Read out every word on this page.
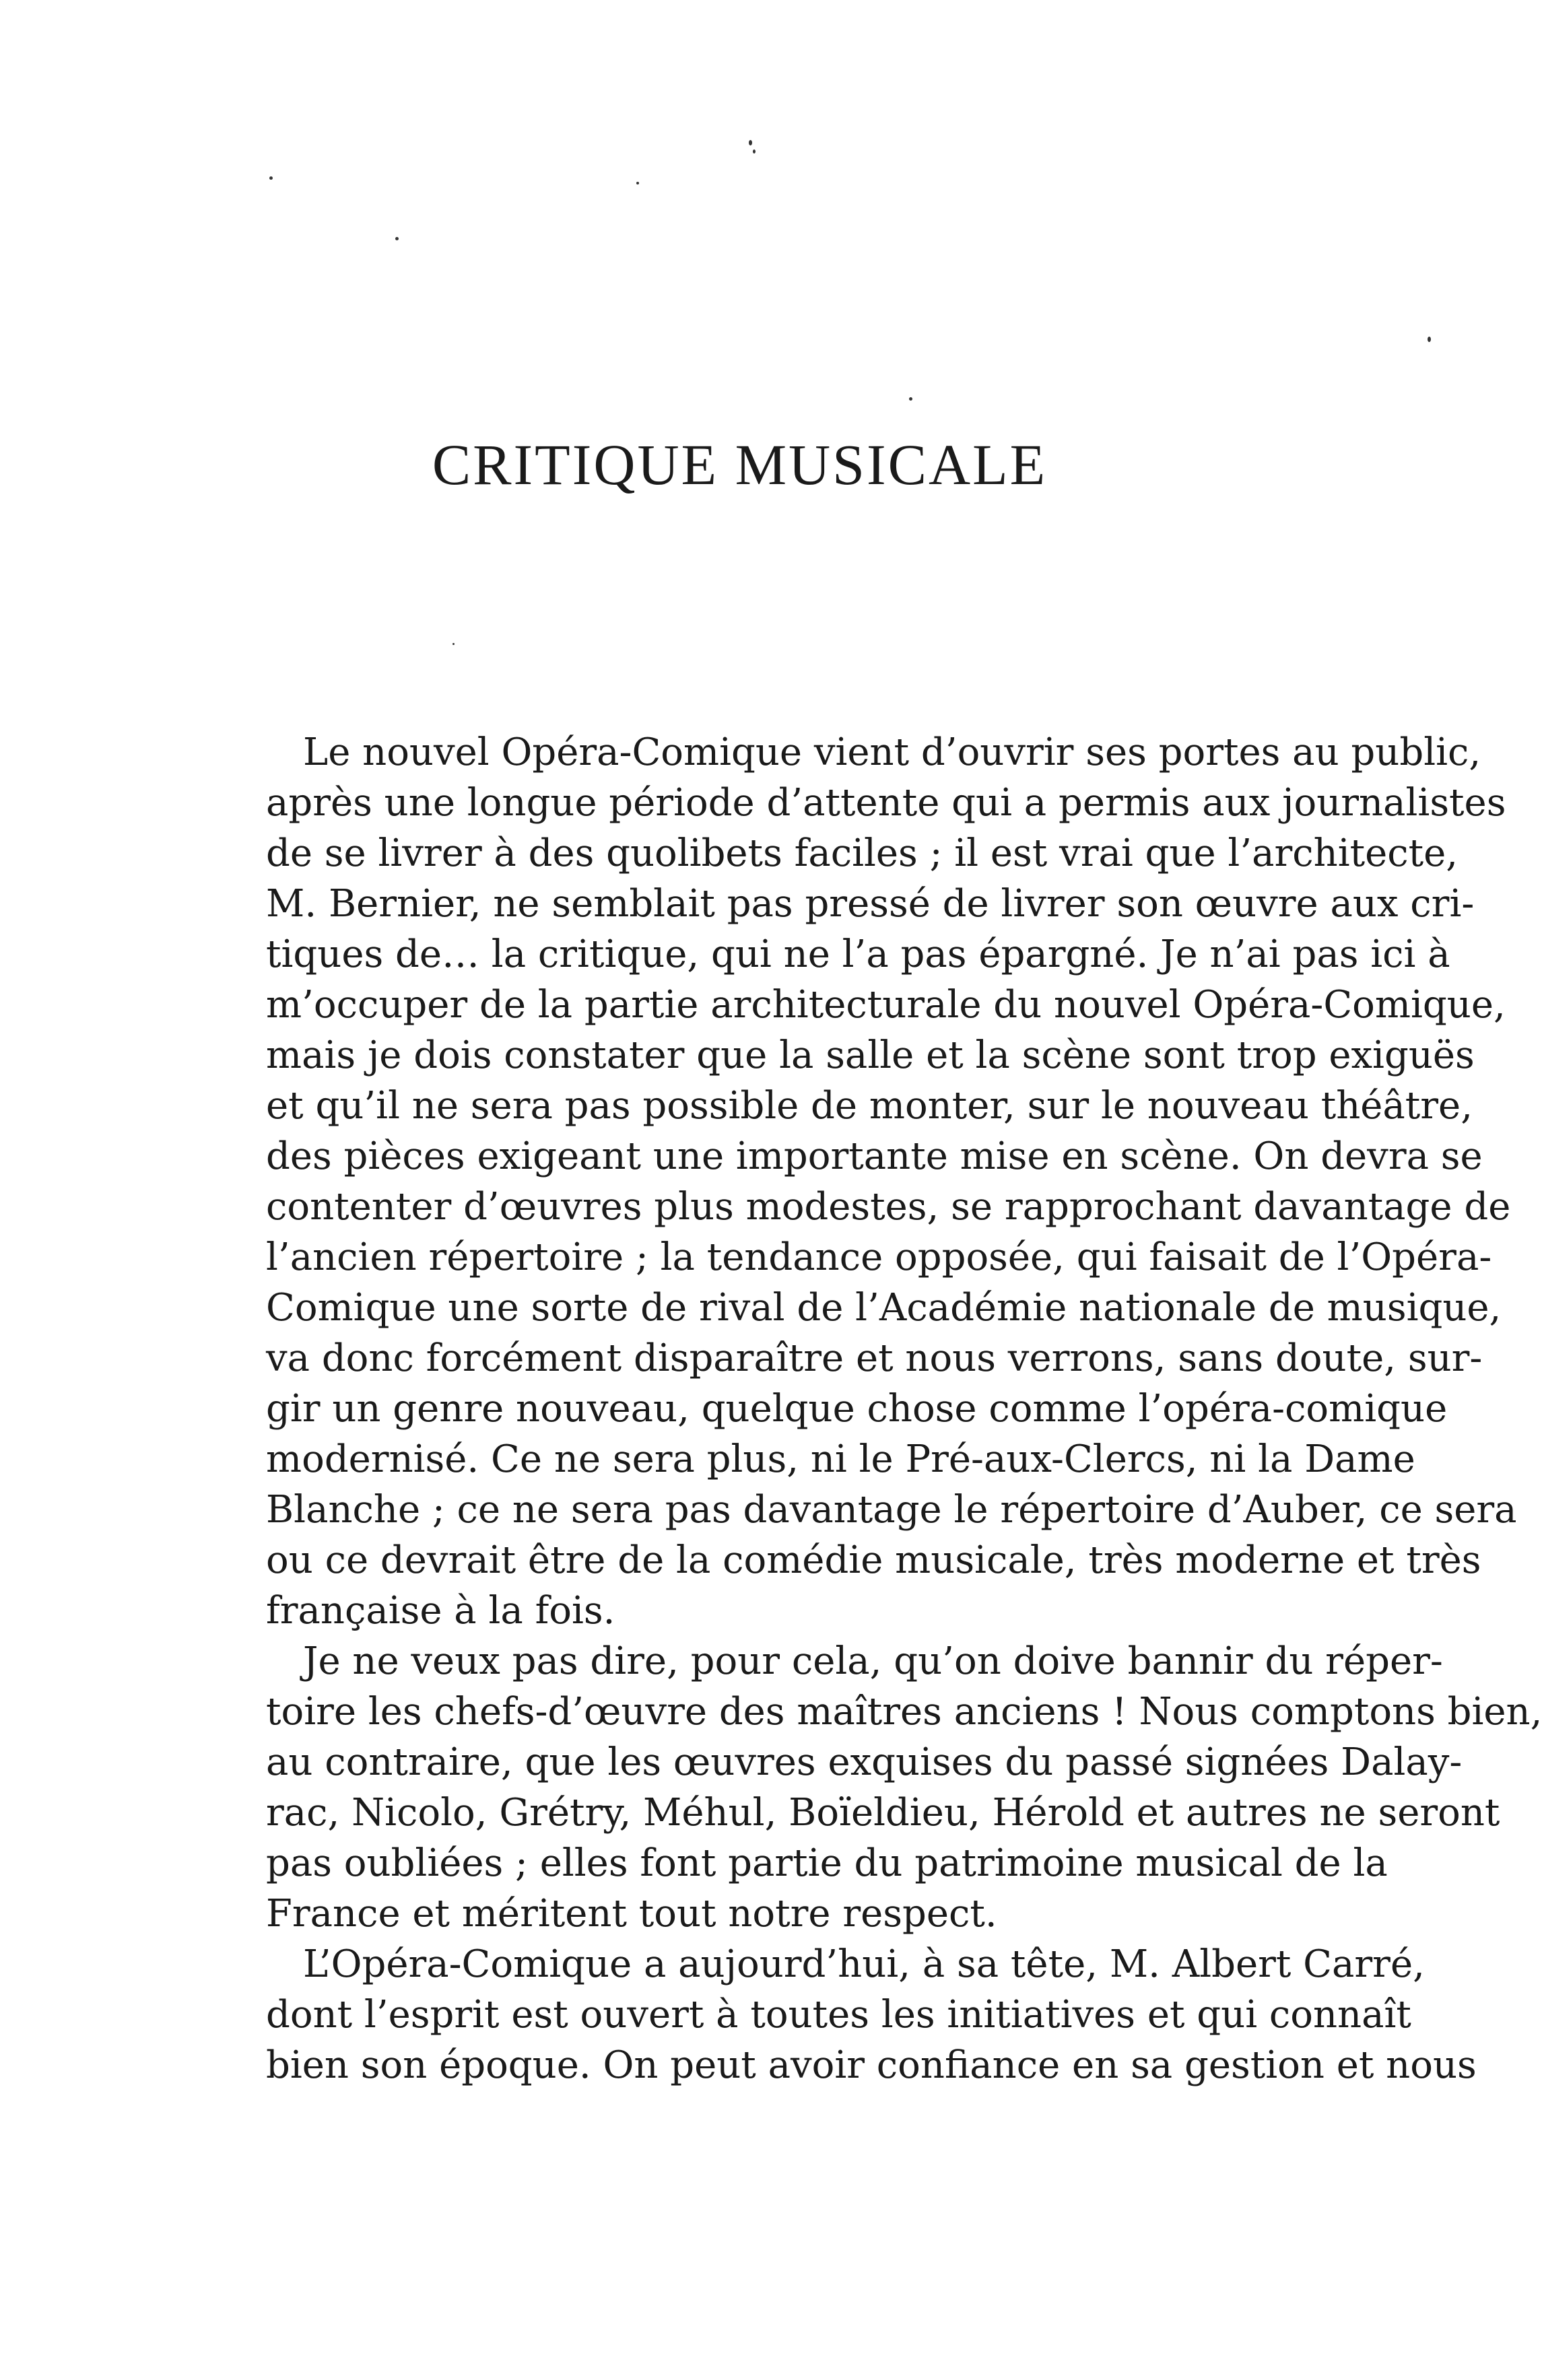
CRITIQUE MUSICALE
Le nouvel Opéra-Comique vient d’ouvrir ses portes au public,
après une longue période d’attente qui a permis aux journalistes
de se livrer à des quolibets faciles ; il est vrai que l’architecte,
M. Bernier, ne semblait pas pressé de livrer son œuvre aux cri-
tiques de… la critique, qui ne l’a pas épargné. Je n’ai pas ici à
m’occuper de la partie architecturale du nouvel Opéra-Comique,
mais je dois constater que la salle et la scène sont trop exiguës
et qu’il ne sera pas possible de monter, sur le nouveau théâtre,
des pièces exigeant une importante mise en scène. On devra se
contenter d’œuvres plus modestes, se rapprochant davantage de
l’ancien répertoire ; la tendance opposée, qui faisait de l’Opéra-
Comique une sorte de rival de l’Académie nationale de musique,
va donc forcément disparaître et nous verrons, sans doute, sur-
gir un genre nouveau, quelque chose comme l’opéra-comique
modernisé. Ce ne sera plus, ni le Pré-aux-Clercs, ni la Dame
Blanche ; ce ne sera pas davantage le répertoire d’Auber, ce sera
ou ce devrait être de la comédie musicale, très moderne et très
française à la fois.
Je ne veux pas dire, pour cela, qu’on doive bannir du réper-
toire les chefs-d’œuvre des maîtres anciens ! Nous comptons bien,
au contraire, que les œuvres exquises du passé signées Dalay-
rac, Nicolo, Grétry, Méhul, Boïeldieu, Hérold et autres ne seront
pas oubliées ; elles font partie du patrimoine musical de la
France et méritent tout notre respect.
L’Opéra-Comique a aujourd’hui, à sa tête, M. Albert Carré,
dont l’esprit est ouvert à toutes les initiatives et qui connaît
bien son époque. On peut avoir confiance en sa gestion et nous
